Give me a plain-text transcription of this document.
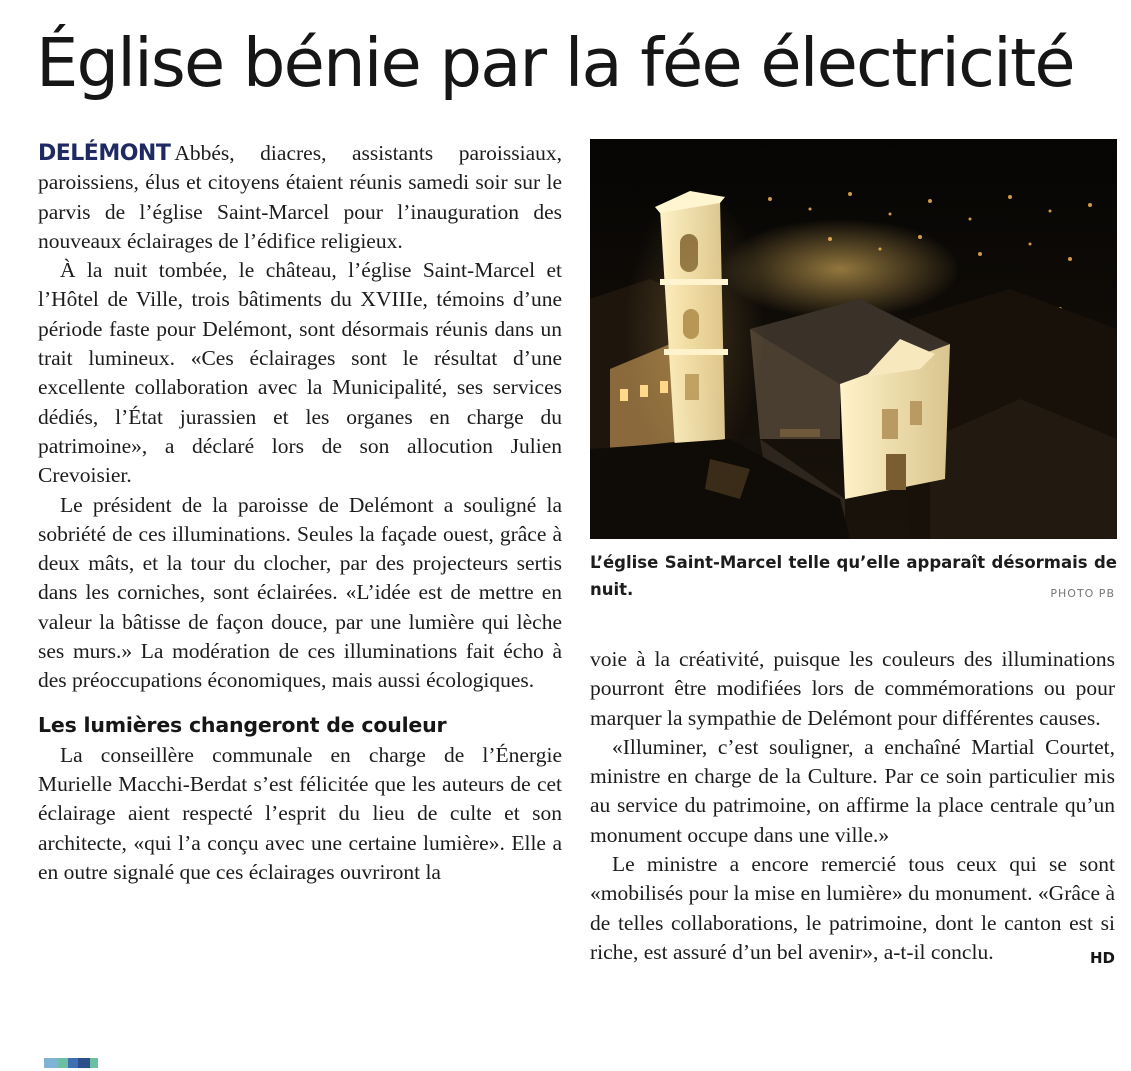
Église bénie par la fée électricité

DELÉMONT Abbés, diacres, assistants paroissiaux, paroissiens, élus et citoyens étaient réunis samedi soir sur le parvis de l’église Saint-Marcel pour l’inauguration des nouveaux éclairages de l’édifice religieux.

À la nuit tombée, le château, l’église Saint-Marcel et l’Hôtel de Ville, trois bâtiments du XVIIIe, témoins d’une période faste pour Delémont, sont désormais réunis dans un trait lumineux. «Ces éclairages sont le résultat d’une excellente collaboration avec la Municipalité, ses services dédiés, l’État jurassien et les organes en charge du patrimoine», a déclaré lors de son allocution Julien Crevoisier.

Le président de la paroisse de Delémont a souligné la sobriété de ces illuminations. Seules la façade ouest, grâce à deux mâts, et la tour du clocher, par des projecteurs sertis dans les corniches, sont éclairées. «L’idée est de mettre en valeur la bâtisse de façon douce, par une lumière qui lèche ses murs.» La modération de ces illuminations fait écho à des préoccupations économiques, mais aussi écologiques.

Les lumières changeront de couleur

La conseillère communale en charge de l’Énergie Murielle Macchi-Berdat s’est félicitée que les auteurs de cet éclairage aient respecté l’esprit du lieu de culte et son architecte, «qui l’a conçu avec une certaine lumière». Elle a en outre signalé que ces éclairages ouvriront la

L’église Saint-Marcel telle qu’elle apparaît désormais de nuit.	PHOTO PB

voie à la créativité, puisque les couleurs des illuminations pourront être modifiées lors de commémorations ou pour marquer la sympathie de Delémont pour différentes causes.

«Illuminer, c’est souligner, a enchaîné Martial Courtet, ministre en charge de la Culture. Par ce soin particulier mis au service du patrimoine, on affirme la place centrale qu’un monument occupe dans une ville.»

Le ministre a encore remercié tous ceux qui se sont «mobilisés pour la mise en lumière» du monument. «Grâce à de telles collaborations, le patrimoine, dont le canton est si riche, est assuré d’un bel avenir», a-t-il conclu.	HD
